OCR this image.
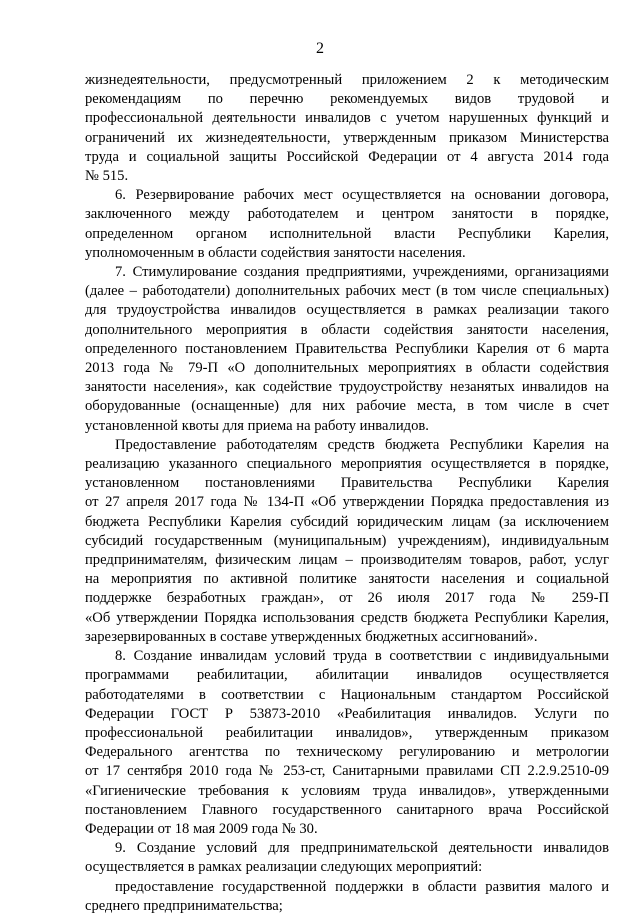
2
жизнедеятельности, предусмотренный приложением 2 к методическим
рекомендациям по перечню рекомендуемых видов трудовой и
профессиональной деятельности инвалидов с учетом нарушенных функций и
ограничений их жизнедеятельности, утвержденным приказом Министерства
труда и социальной защиты Российской Федерации от 4 августа 2014 года
№ 515.
6. Резервирование рабочих мест осуществляется на основании договора,
заключенного между работодателем и центром занятости в порядке,
определенном органом исполнительной власти Республики Карелия,
уполномоченным в области содействия занятости населения.
7. Стимулирование создания предприятиями, учреждениями, организациями
(далее – работодатели) дополнительных рабочих мест (в том числе специальных)
для трудоустройства инвалидов осуществляется в рамках реализации такого
дополнительного мероприятия в области содействия занятости населения,
определенного постановлением Правительства Республики Карелия от 6 марта
2013 года № 79-П «О дополнительных мероприятиях в области содействия
занятости населения», как содействие трудоустройству незанятых инвалидов на
оборудованные (оснащенные) для них рабочие места, в том числе в счет
установленной квоты для приема на работу инвалидов.
Предоставление работодателям средств бюджета Республики Карелия на
реализацию указанного специального мероприятия осуществляется в порядке,
установленном постановлениями Правительства Республики Карелия
от 27 апреля 2017 года № 134-П «Об утверждении Порядка предоставления из
бюджета Республики Карелия субсидий юридическим лицам (за исключением
субсидий государственным (муниципальным) учреждениям), индивидуальным
предпринимателям, физическим лицам – производителям товаров, работ, услуг
на мероприятия по активной политике занятости населения и социальной
поддержке безработных граждан», от 26 июля 2017 года № 259-П
«Об утверждении Порядка использования средств бюджета Республики Карелия,
зарезервированных в составе утвержденных бюджетных ассигнований».
8. Создание инвалидам условий труда в соответствии с индивидуальными
программами реабилитации, абилитации инвалидов осуществляется
работодателями в соответствии с Национальным стандартом Российской
Федерации ГОСТ Р 53873-2010 «Реабилитация инвалидов. Услуги по
профессиональной реабилитации инвалидов», утвержденным приказом
Федерального агентства по техническому регулированию и метрологии
от 17 сентября 2010 года № 253-ст, Санитарными правилами СП 2.2.9.2510-09
«Гигиенические требования к условиям труда инвалидов», утвержденными
постановлением Главного государственного санитарного врача Российской
Федерации от 18 мая 2009 года № 30.
9. Создание условий для предпринимательской деятельности инвалидов
осуществляется в рамках реализации следующих мероприятий:
предоставление государственной поддержки в области развития малого и
среднего предпринимательства;
